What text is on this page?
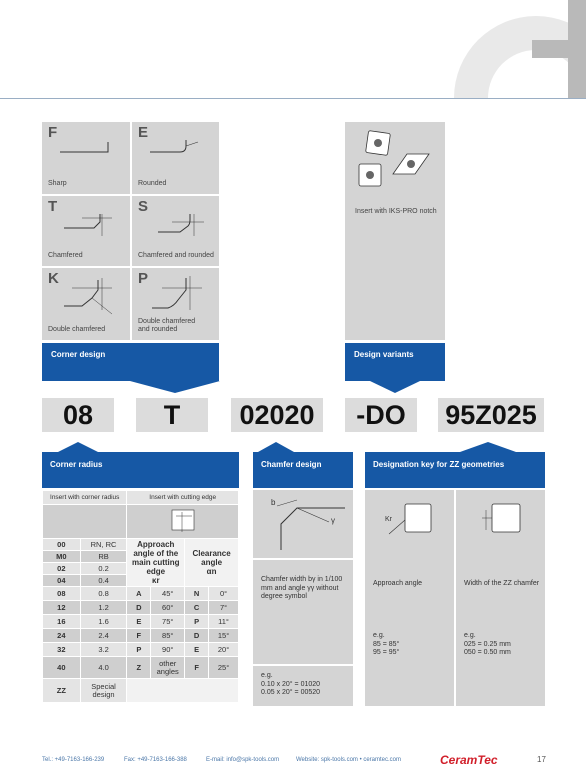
F
Sharp
E
Rounded
T
Chamfered
S
Chamfered and rounded
K
Double chamfered
P
Double chamfered
and rounded
Corner design
Insert with IKS-PRO notch
Design variants
08	T	02020	-DO	95Z025
Corner radius
Insert with corner radius		Insert with cutting edge			

00	RN, RC	Approach angle of the main cutting edge
κr		Clearance angle
αn	
M0	RB				
02	0.2				
04	0.4				
08	0.8	A	45°	N	0°
12	1.2	D	60°	C	7°
16	1.6	E	75°	P	11°
24	2.4	F	85°	D	15°
32	3.2	P	90°	E	20°
40	4.0	Z	other angles	F	25°
ZZ	Special design				
Chamfer design
b
γ
Chamfer width bγ in 1/100 mm and angle γγ without degree symbol
e.g.
0.10 x 20° = 01020
0.05 x 20° = 00520
Designation key for ZZ geometries
Kr
Approach angle
e.g.
85 = 85°
95 = 95°
Width of the ZZ chamfer
e.g.
025 = 0.25 mm
050 = 0.50 mm
Tel.: +49-7163-166-239	Fax: +49-7163-166-388	E-mail: info@spk-tools.com	Website: spk-tools.com • ceramtec.com	CeramTec	17
